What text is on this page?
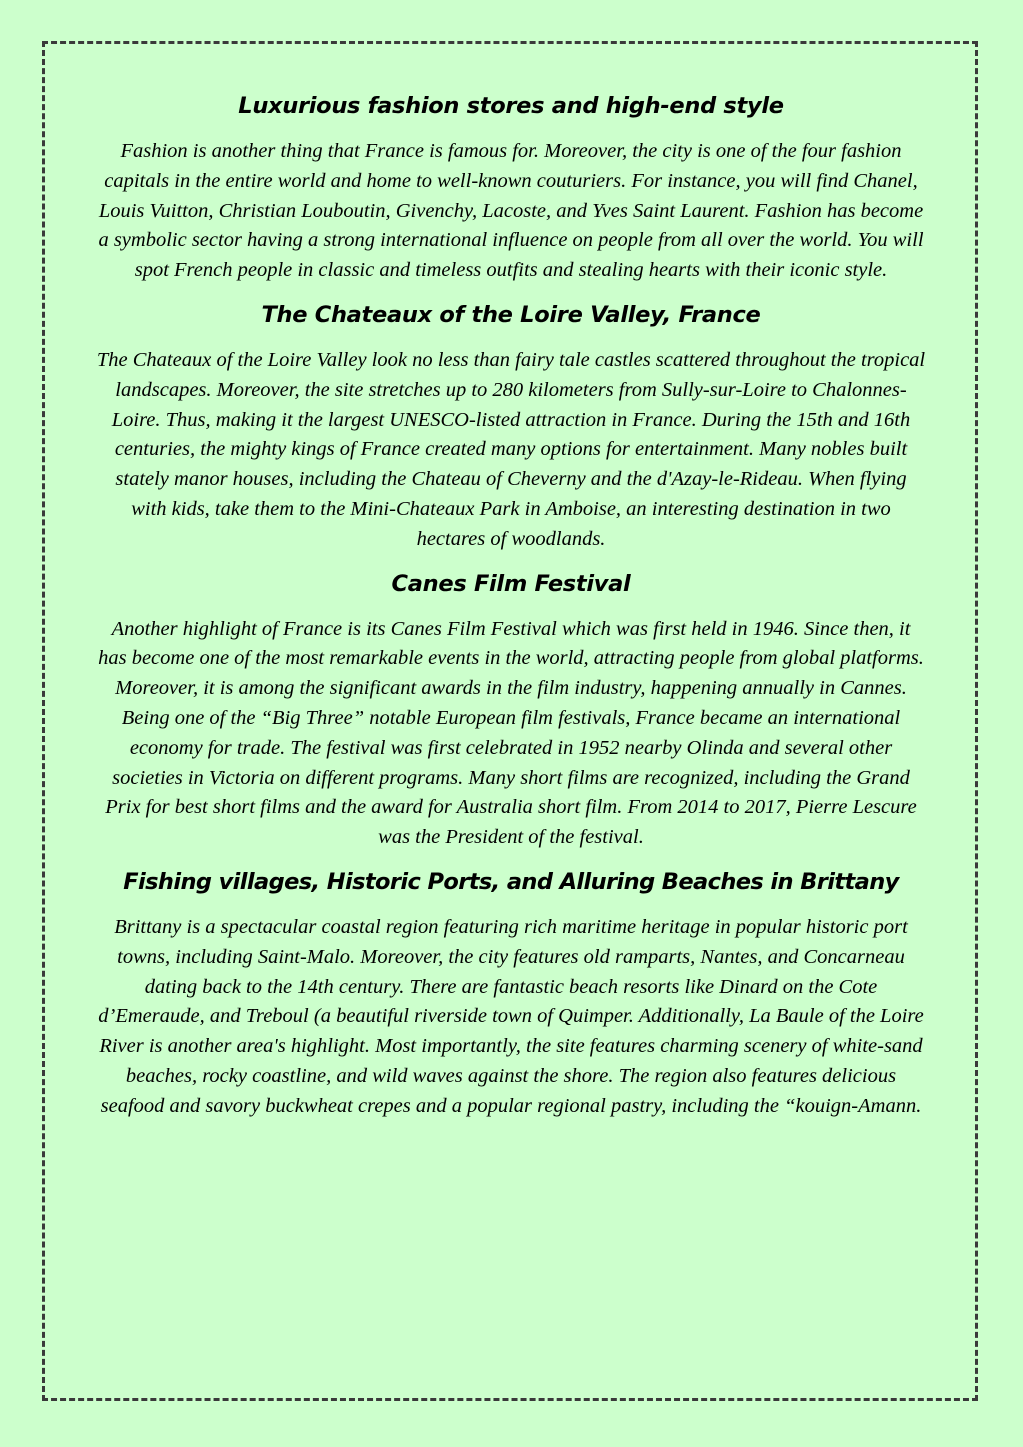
Luxurious fashion stores and high-end style

Fashion is another thing that France is famous for. Moreover, the city is one of the four fashion capitals in the entire world and home to well-known couturiers. For instance, you will find Chanel, Louis Vuitton, Christian Louboutin, Givenchy, Lacoste, and Yves Saint Laurent. Fashion has become a symbolic sector having a strong international influence on people from all over the world. You will spot French people in classic and timeless outfits and stealing hearts with their iconic style.

The Chateaux of the Loire Valley, France

The Chateaux of the Loire Valley look no less than fairy tale castles scattered throughout the tropical landscapes. Moreover, the site stretches up to 280 kilometers from Sully-sur-Loire to Chalonnes-Loire. Thus, making it the largest UNESCO-listed attraction in France. During the 15th and 16th centuries, the mighty kings of France created many options for entertainment. Many nobles built stately manor houses, including the Chateau of Cheverny and the d'Azay-le-Rideau. When flying with kids, take them to the Mini-Chateaux Park in Amboise, an interesting destination in two hectares of woodlands.

Canes Film Festival

Another highlight of France is its Canes Film Festival which was first held in 1946. Since then, it has become one of the most remarkable events in the world, attracting people from global platforms. Moreover, it is among the significant awards in the film industry, happening annually in Cannes. Being one of the “Big Three” notable European film festivals, France became an international economy for trade. The festival was first celebrated in 1952 nearby Olinda and several other societies in Victoria on different programs. Many short films are recognized, including the Grand Prix for best short films and the award for Australia short film. From 2014 to 2017, Pierre Lescure was the President of the festival.

Fishing villages, Historic Ports, and Alluring Beaches in Brittany

Brittany is a spectacular coastal region featuring rich maritime heritage in popular historic port towns, including Saint-Malo. Moreover, the city features old ramparts, Nantes, and Concarneau dating back to the 14th century. There are fantastic beach resorts like Dinard on the Cote d’Emeraude, and Treboul (a beautiful riverside town of Quimper. Additionally, La Baule of the Loire River is another area's highlight. Most importantly, the site features charming scenery of white-sand beaches, rocky coastline, and wild waves against the shore. The region also features delicious seafood and savory buckwheat crepes and a popular regional pastry, including the “kouign-Amann.
